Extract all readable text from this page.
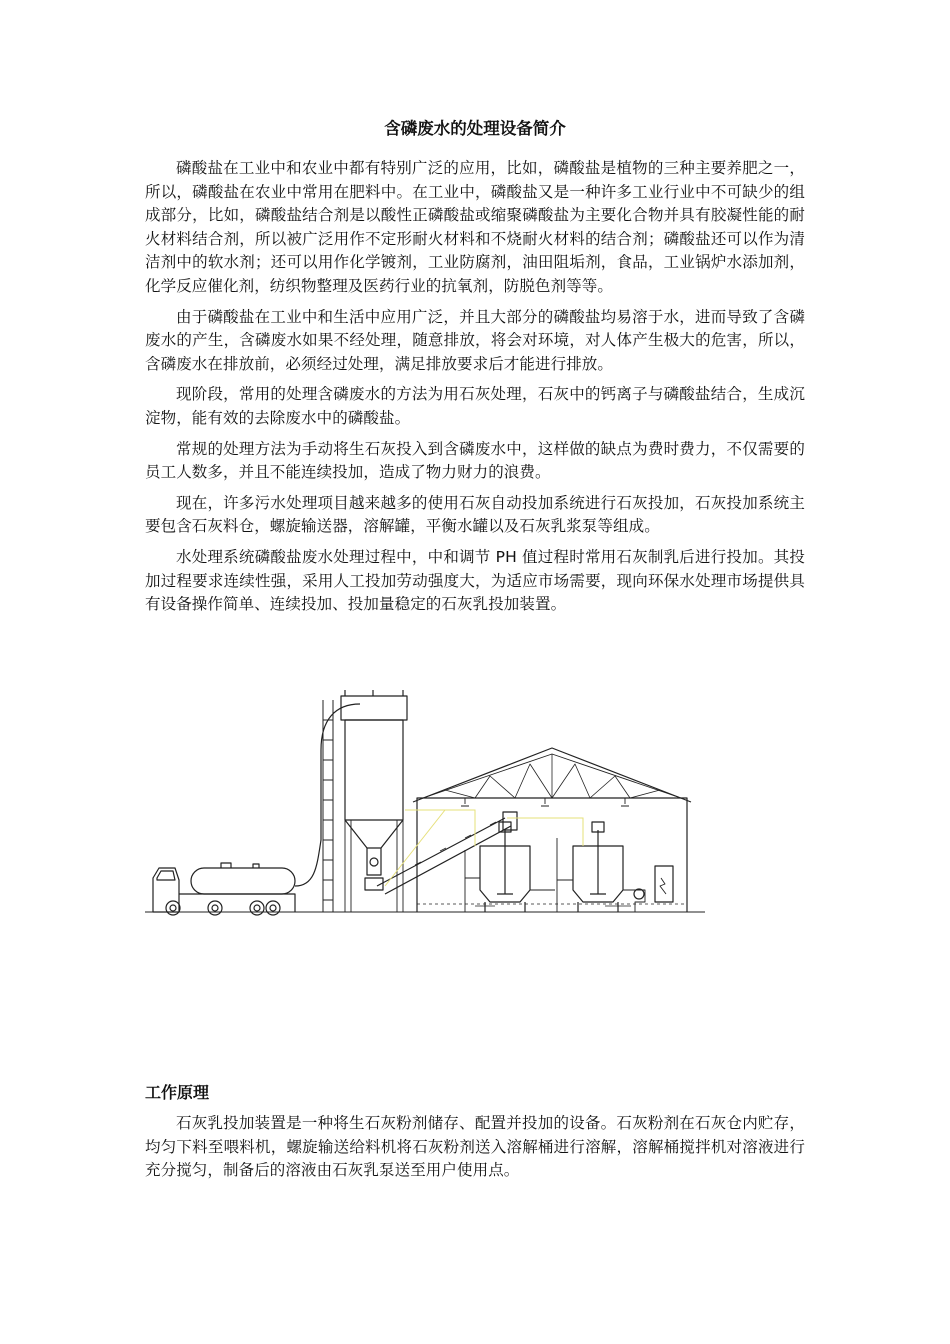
含磷废水的处理设备简介

磷酸盐在工业中和农业中都有特别广泛的应用，比如，磷酸盐是植物的三种主要养肥之一，所以，磷酸盐在农业中常用在肥料中。在工业中，磷酸盐又是一种许多工业行业中不可缺少的组成部分，比如，磷酸盐结合剂是以酸性正磷酸盐或缩聚磷酸盐为主要化合物并具有胶凝性能的耐火材料结合剂，所以被广泛用作不定形耐火材料和不烧耐火材料的结合剂；磷酸盐还可以作为清洁剂中的软水剂；还可以用作化学镀剂，工业防腐剂，油田阻垢剂，食品，工业锅炉水添加剂，化学反应催化剂，纺织物整理及医药行业的抗氧剂，防脱色剂等等。

由于磷酸盐在工业中和生活中应用广泛，并且大部分的磷酸盐均易溶于水，进而导致了含磷废水的产生，含磷废水如果不经处理，随意排放，将会对环境，对人体产生极大的危害，所以，含磷废水在排放前，必须经过处理，满足排放要求后才能进行排放。

现阶段，常用的处理含磷废水的方法为用石灰处理，石灰中的钙离子与磷酸盐结合，生成沉淀物，能有效的去除废水中的磷酸盐。

常规的处理方法为手动将生石灰投入到含磷废水中，这样做的缺点为费时费力，不仅需要的员工人数多，并且不能连续投加，造成了物力财力的浪费。

现在，许多污水处理项目越来越多的使用石灰自动投加系统进行石灰投加，石灰投加系统主要包含石灰料仓，螺旋输送器，溶解罐，平衡水罐以及石灰乳浆泵等组成。

水处理系统磷酸盐废水处理过程中，中和调节 PH 值过程时常用石灰制乳后进行投加。其投加过程要求连续性强，采用人工投加劳动强度大，为适应市场需要，现向环保水处理市场提供具有设备操作简单、连续投加、投加量稳定的石灰乳投加装置。

工作原理

石灰乳投加装置是一种将生石灰粉剂储存、配置并投加的设备。石灰粉剂在石灰仓内贮存，均匀下料至喂料机，螺旋输送给料机将石灰粉剂送入溶解桶进行溶解，溶解桶搅拌机对溶液进行充分搅匀，制备后的溶液由石灰乳泵送至用户使用点。
